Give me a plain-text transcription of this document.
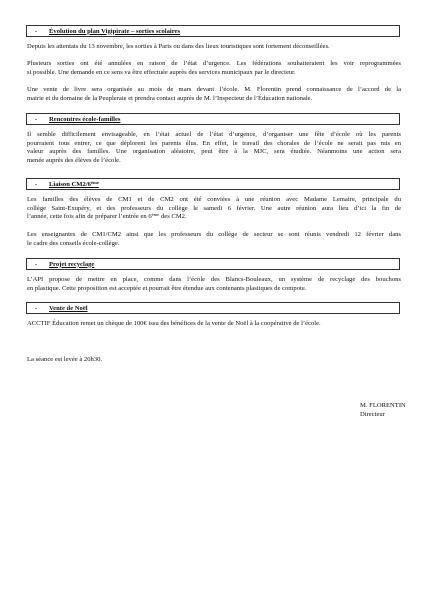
- Évolution du plan Vigipirate – sorties scolaires
Depuis les attentats du 13 novembre, les sorties à Paris ou dans des lieux touristiques sont fortement déconseillées.
Plusieurs sorties ont été annulées en raison de l’état d’urgence. Les fédérations souhaiteraient les voir reprogrammées
si possible. Une demande en ce sens va être effectuée auprès des services municipaux par le directeur.
Une vente de livre sera organisée au mois de mars devant l’école. M. Florentin prend connaissance de l’accord de la
mairie et du domaine de la Peupleraie et prendra contact auprès de M. l’Inspecteur de l’Éducation nationale.
- Rencontres école-familles
Il semble difficilement envisageable, en l’état actuel de l’état d’urgence, d’organiser une fête d’école où les parents
pourraient tous entrer, ce que déplorent les parents élus. En effet, le travail des chorales de l’école ne serait pas mis en
valeur auprès des familles. Une organisation aléatoire, peut être à la MJC, sera étudiée. Néanmoins une action sera
menée auprès des élèves de l’école.
- Liaison CM2/6ème
Les familles des élèves de CM1 et de CM2 ont été conviées à une réunion avec Madame Lemaire, principale du
collège Saint-Exupéry, et des professeurs du collège le samedi 6 février. Une autre réunion aura lieu d’ici la fin de
l’année, cette fois afin de préparer l’entrée en 6ème des CM2.
Les enseignantes de CM1/CM2 ainsi que les professeurs du collège de secteur se sont réunis vendredi 12 février dans
le cadre des conseils école-collège.
- Projet recyclage
L’API propose de mettre en place, comme dans l’école des Blancs-Bouleaux, un système de recyclage des bouchons
en plastique. Cette proposition est acceptée et pourrait être étendue aux contenants plastiques de compote.
- Vente de Noël
ACCTIF Éducation remet un chèque de 100€ issu des bénéfices de la vente de Noël à la coopérative de l’école.
La séance est levée à 20h30.
M. FLORENTIN
Directeur
